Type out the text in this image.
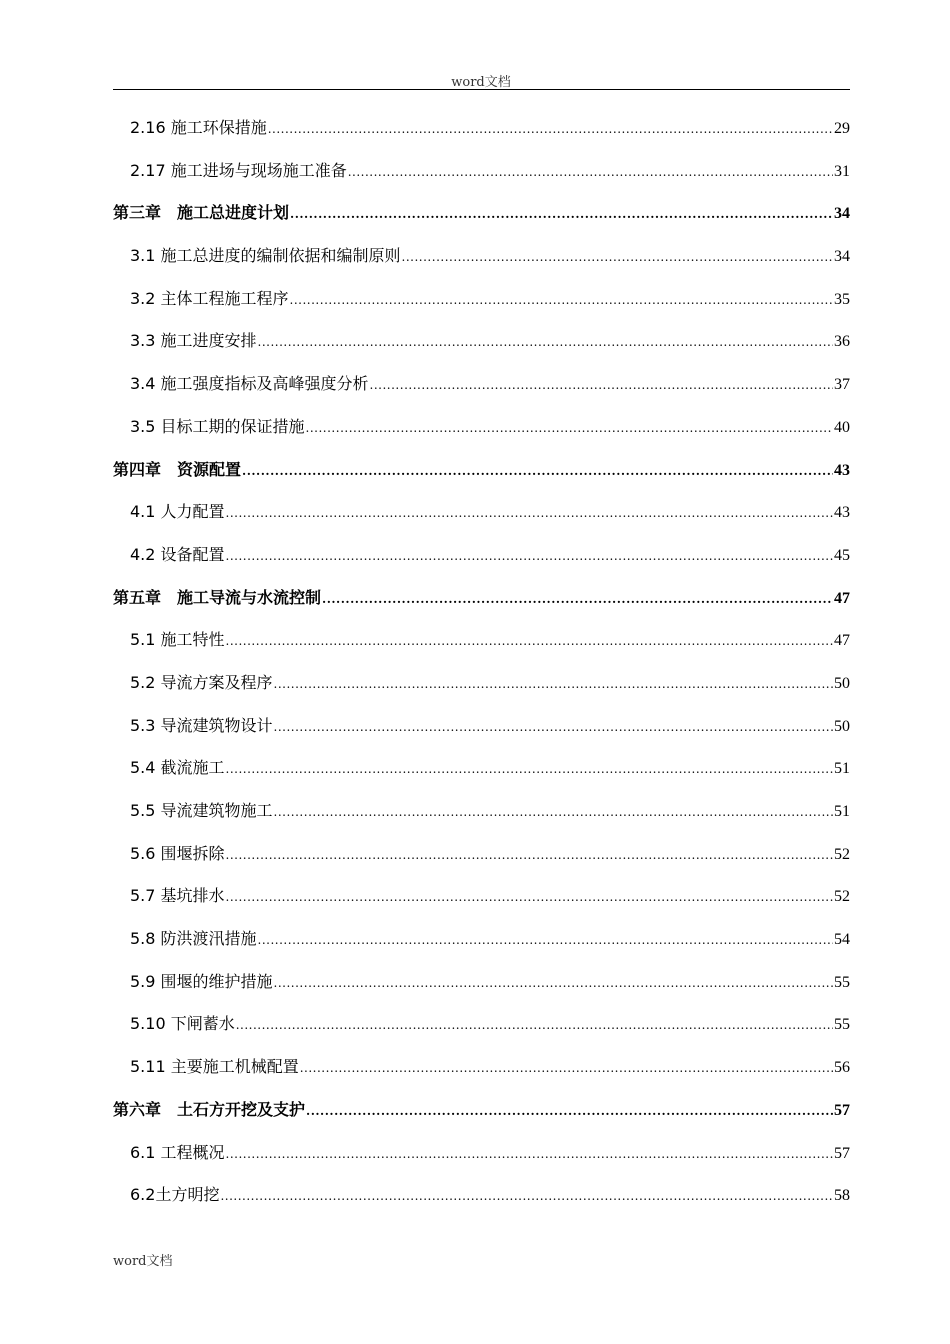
word文档
2.16 施工环保措施 .....	29
2.17 施工进场与现场施工准备 .....	31
第三章　施工总进度计划 .....	34
3.1 施工总进度的编制依据和编制原则 .....	34
3.2 主体工程施工程序 .....	35
3.3 施工进度安排 .....	36
3.4 施工强度指标及高峰强度分析 .....	37
3.5 目标工期的保证措施 .....	40
第四章　资源配置 .....	43
4.1 人力配置 .....	43
4.2 设备配置 .....	45
第五章　施工导流与水流控制 .....	47
5.1 施工特性 .....	47
5.2 导流方案及程序 .....	50
5.3 导流建筑物设计 .....	50
5.4 截流施工 .....	51
5.5 导流建筑物施工 .....	51
5.6 围堰拆除 .....	52
5.7 基坑排水 .....	52
5.8 防洪渡汛措施 .....	54
5.9 围堰的维护措施 .....	55
5.10 下闸蓄水 .....	55
5.11 主要施工机械配置 .....	56
第六章　土石方开挖及支护 .....	57
6.1 工程概况 .....	57
6.2土方明挖 .....	58
word文档
